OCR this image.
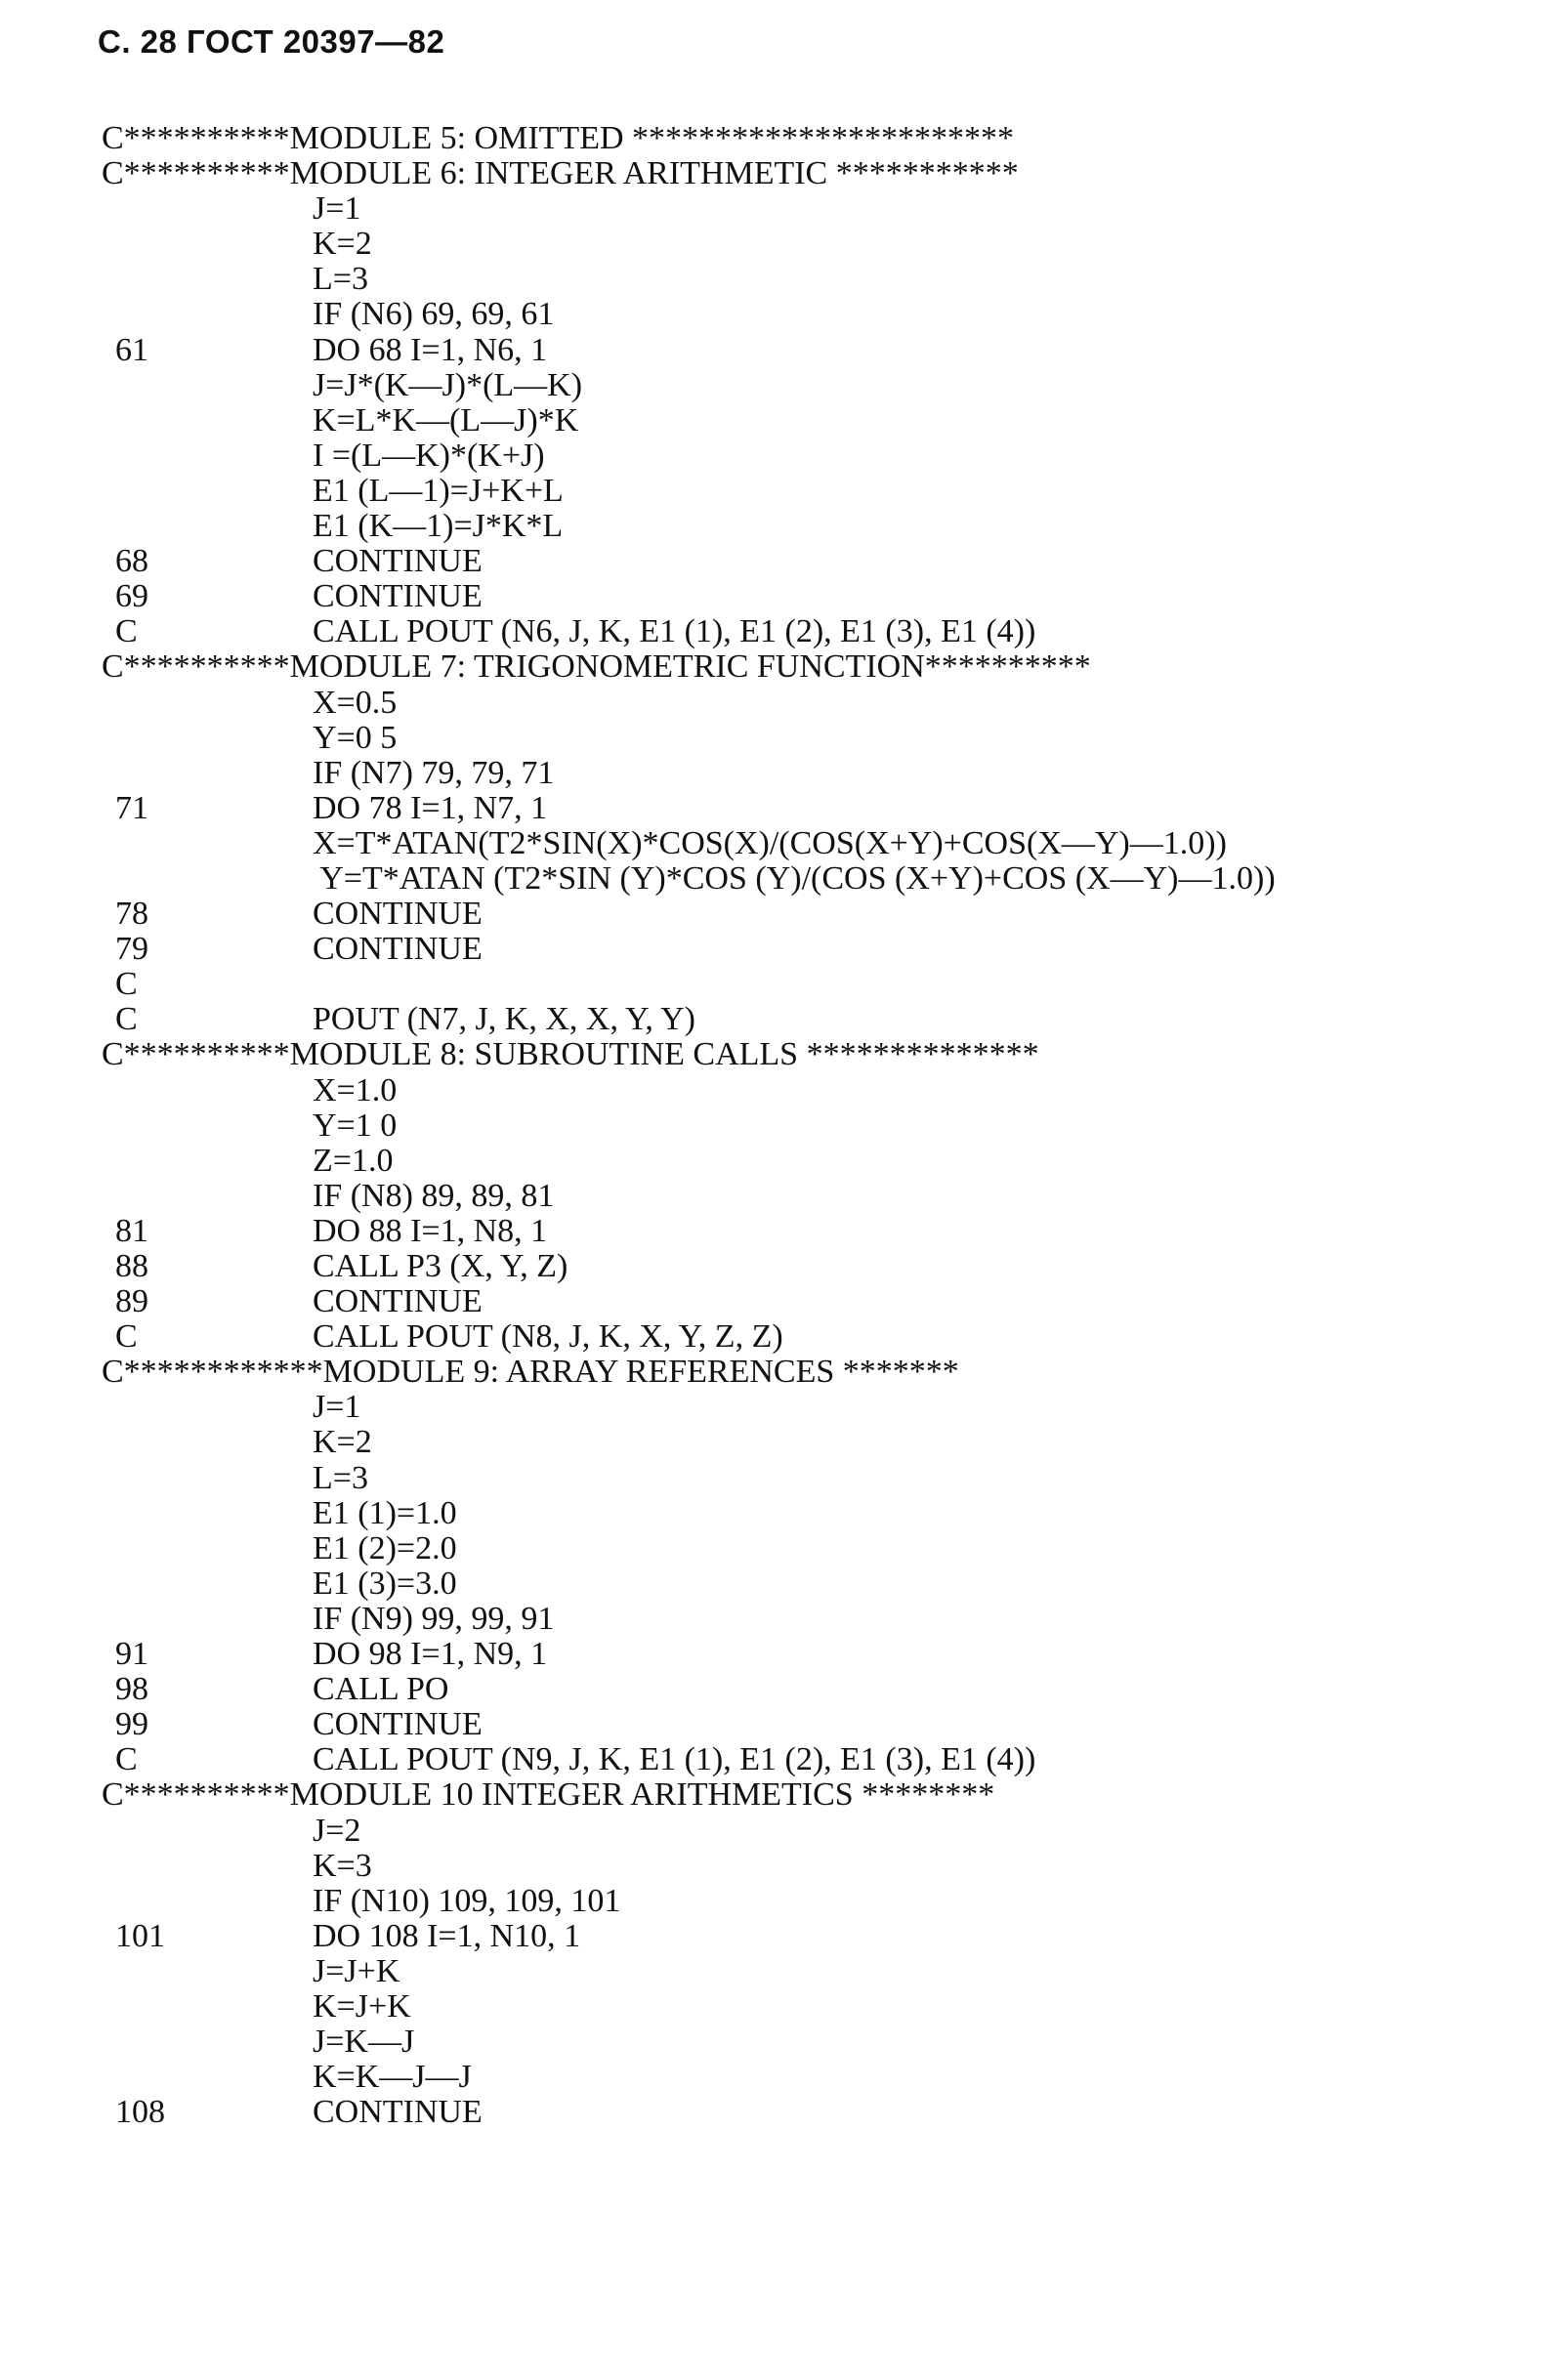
С. 28 ГОСТ 20397—82
C**********MODULE 5: OMITTED ***********************
C**********MODULE 6: INTEGER ARITHMETIC ***********
J=1
K=2
L=3
IF (N6) 69, 69, 61
61	DO 68 I=1, N6, 1
J=J*(K—J)*(L—K)
K=L*K—(L—J)*K
I =(L—K)*(K+J)
E1 (L—1)=J+K+L
E1 (K—1)=J*K*L
68	CONTINUE
69	CONTINUE
C	CALL POUT (N6, J, K, E1 (1), E1 (2), E1 (3), E1 (4))
C**********MODULE 7: TRIGONOMETRIC FUNCTION**********
X=0.5
Y=0 5
IF (N7) 79, 79, 71
71	DO 78 I=1, N7, 1
X=T*ATAN(T2*SIN(X)*COS(X)/(COS(X+Y)+COS(X—Y)—1.0))
Y=T*ATAN (T2*SIN (Y)*COS (Y)/(COS (X+Y)+COS (X—Y)—1.0))
78	CONTINUE
79	CONTINUE
C
C	POUT (N7, J, K, X, X, Y, Y)
C**********MODULE 8: SUBROUTINE CALLS **************
X=1.0
Y=1 0
Z=1.0
IF (N8) 89, 89, 81
81	DO 88 I=1, N8, 1
88	CALL P3 (X, Y, Z)
89	CONTINUE
C	CALL POUT (N8, J, K, X, Y, Z, Z)
C************MODULE 9: ARRAY REFERENCES *******
J=1
K=2
L=3
E1 (1)=1.0
E1 (2)=2.0
E1 (3)=3.0
IF (N9) 99, 99, 91
91	DO 98 I=1, N9, 1
98	CALL PO
99	CONTINUE
C	CALL POUT (N9, J, K, E1 (1), E1 (2), E1 (3), E1 (4))
C**********MODULE 10 INTEGER ARITHMETICS ********
J=2
K=3
IF (N10) 109, 109, 101
101	DO 108 I=1, N10, 1
J=J+K
K=J+K
J=K—J
K=K—J—J
108	CONTINUE
